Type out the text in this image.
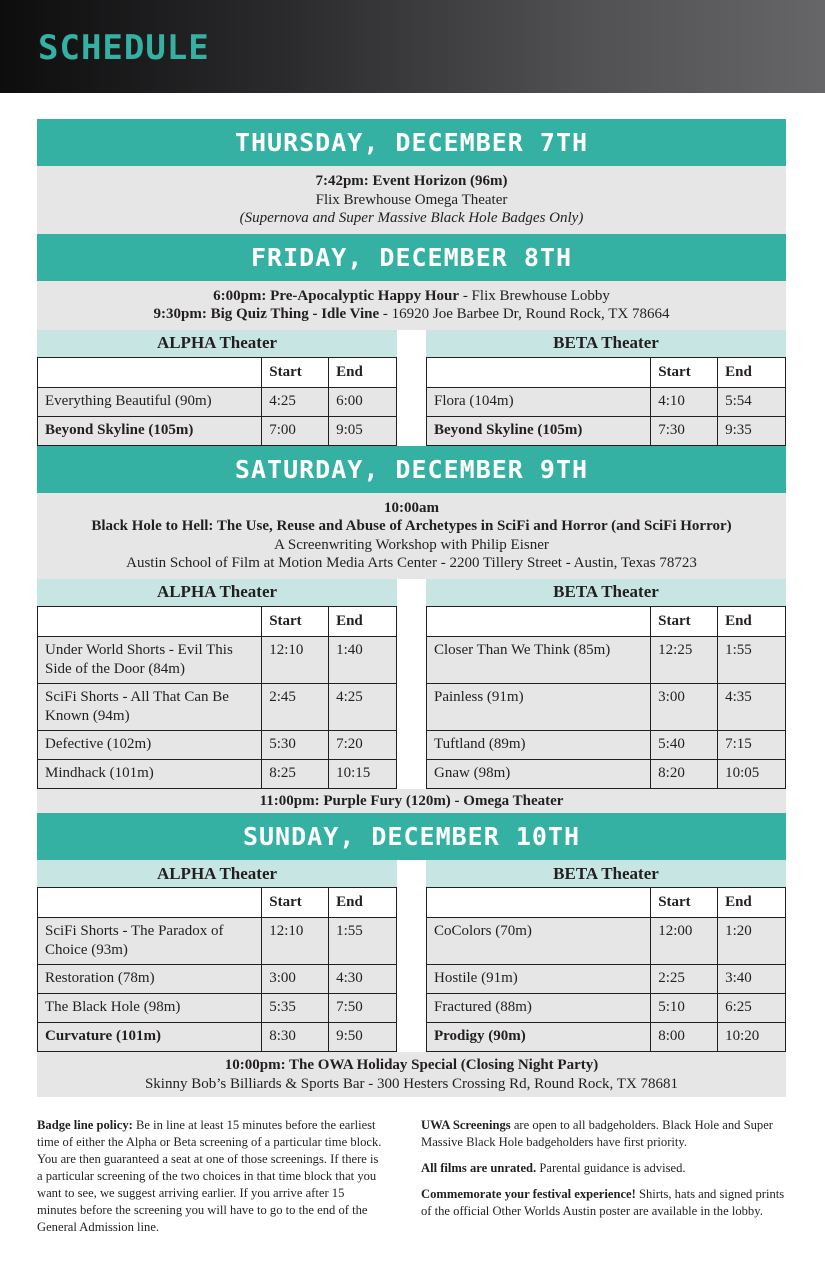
SCHEDULE
THURSDAY, DECEMBER 7TH
7:42pm: Event Horizon (96m)
Flix Brewhouse Omega Theater
(Supernova and Super Massive Black Hole Badges Only)
FRIDAY, DECEMBER 8TH
6:00pm: Pre-Apocalyptic Happy Hour - Flix Brewhouse Lobby
9:30pm: Big Quiz Thing - Idle Vine - 16920 Joe Barbee Dr, Round Rock, TX 78664
ALPHA Theater
	Start	End
Everything Beautiful (90m)	4:25	6:00
Beyond Skyline (105m)	7:00	9:05
BETA Theater
	Start	End
Flora (104m)	4:10	5:54
Beyond Skyline (105m)	7:30	9:35
SATURDAY, DECEMBER 9TH
10:00am
Black Hole to Hell: The Use, Reuse and Abuse of Archetypes in SciFi and Horror (and SciFi Horror)
A Screenwriting Workshop with Philip Eisner
Austin School of Film at Motion Media Arts Center - 2200 Tillery Street - Austin, Texas 78723
ALPHA Theater
	Start	End
Under World Shorts - Evil This Side of the Door (84m)	12:10	1:40
SciFi Shorts - All That Can Be Known (94m)	2:45	4:25
Defective (102m)	5:30	7:20
Mindhack (101m)	8:25	10:15
BETA Theater
	Start	End
Closer Than We Think (85m)	12:25	1:55
Painless (91m)	3:00	4:35
Tuftland (89m)	5:40	7:15
Gnaw (98m)	8:20	10:05
11:00pm: Purple Fury (120m) - Omega Theater
SUNDAY, DECEMBER 10TH
ALPHA Theater
	Start	End
SciFi Shorts - The Paradox of Choice (93m)	12:10	1:55
Restoration (78m)	3:00	4:30
The Black Hole (98m)	5:35	7:50
Curvature (101m)	8:30	9:50
BETA Theater
	Start	End
CoColors (70m)	12:00	1:20
Hostile (91m)	2:25	3:40
Fractured (88m)	5:10	6:25
Prodigy (90m)	8:00	10:20
10:00pm: The OWA Holiday Special (Closing Night Party)
Skinny Bob’s Billiards & Sports Bar - 300 Hesters Crossing Rd, Round Rock, TX 78681

Badge line policy: Be in line at least 15 minutes before the earliest time of either the Alpha or Beta screening of a particular time block. You are then guaranteed a seat at one of those screenings. If there is a particular screening of the two choices in that time block that you want to see, we suggest arriving earlier. If you arrive after 15 minutes before the screening you will have to go to the end of the General Admission line.

UWA Screenings are open to all badgeholders. Black Hole and Super Massive Black Hole badgeholders have first priority.

All films are unrated. Parental guidance is advised.

Commemorate your festival experience! Shirts, hats and signed prints of the official Other Worlds Austin poster are available in the lobby.
